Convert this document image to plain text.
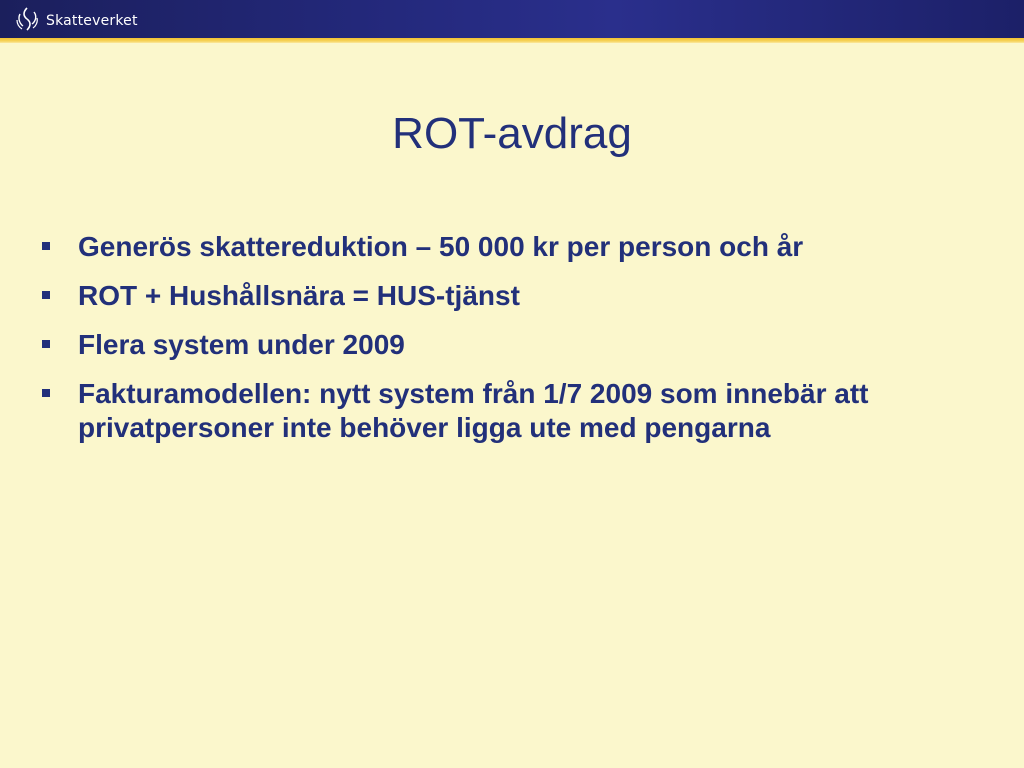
Skatteverket
ROT-avdrag
Generös skattereduktion – 50 000 kr per person och år
ROT + Hushållsnära = HUS-tjänst
Flera system under 2009
Fakturamodellen: nytt system från 1/7 2009 som innebär att privatpersoner inte behöver ligga ute med pengarna
